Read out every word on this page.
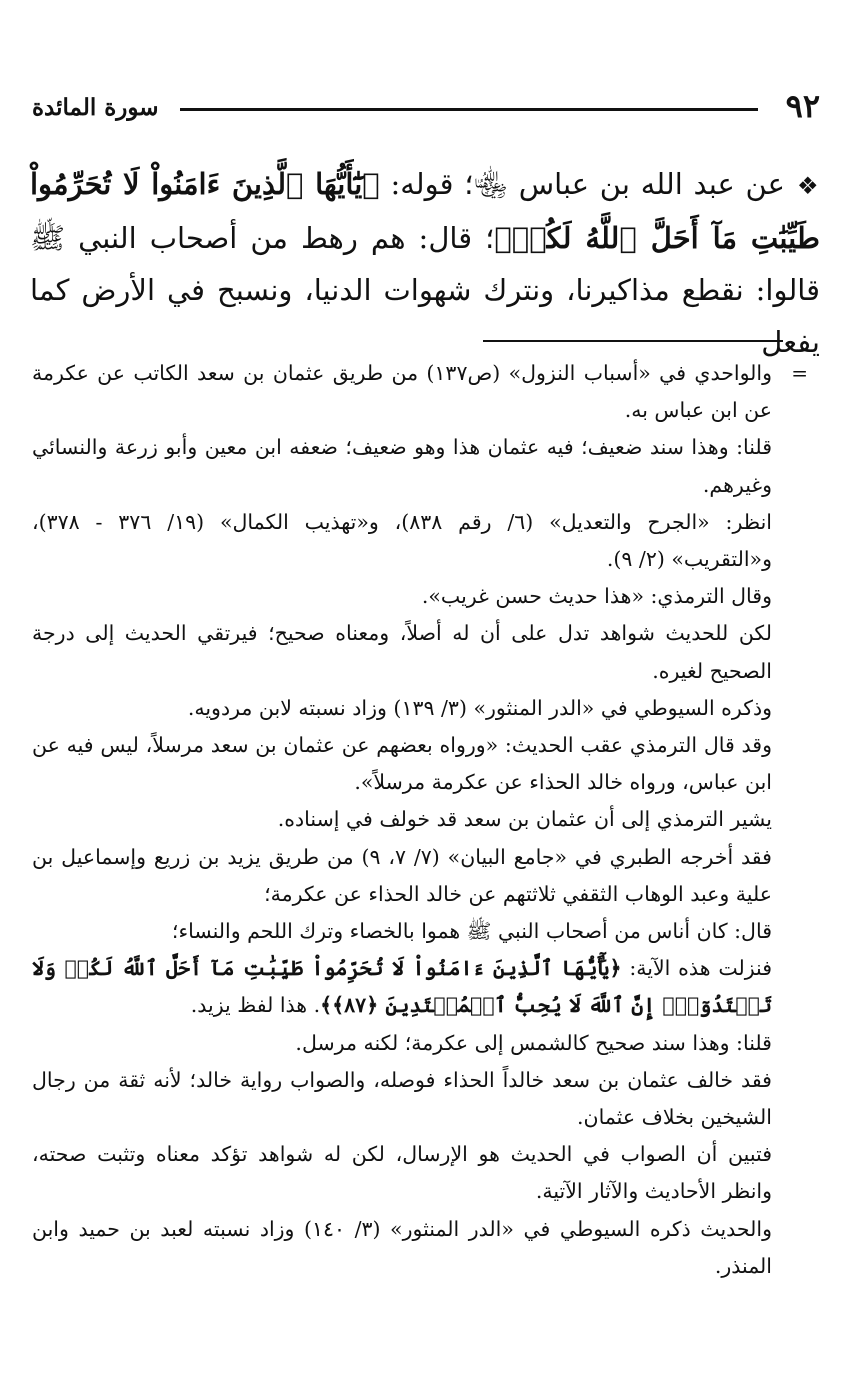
٩٢
سورة المائدة

❖عن عبد الله بن عباس ﵄؛ قوله: ﴿يَٰٓأَيُّهَا ٱلَّذِينَ ءَامَنُواْ لَا تُحَرِّمُواْ طَيِّبَٰتِ مَآ أَحَلَّ ٱللَّهُ لَكُمۡ﴾؛ قال: هم رهط من أصحاب النبي ﷺ قالوا: نقطع مذاكيرنا، ونترك شهوات الدنيا، ونسبح في الأرض كما يفعل

=

والواحدي في «أسباب النزول» (ص١٣٧) من طريق عثمان بن سعد الكاتب عن عكرمة عن ابن عباس به.

قلنا: وهذا سند ضعيف؛ فيه عثمان هذا وهو ضعيف؛ ضعفه ابن معين وأبو زرعة والنسائي وغيرهم.

انظر: «الجرح والتعديل» (٦/ رقم ٨٣٨)، و«تهذيب الكمال» (١٩/ ٣٧٦ - ٣٧٨)، و«التقريب» (٢/ ٩).

وقال الترمذي: «هذا حديث حسن غريب».

لكن للحديث شواهد تدل على أن له أصلاً، ومعناه صحيح؛ فيرتقي الحديث إلى درجة الصحيح لغيره.

وذكره السيوطي في «الدر المنثور» (٣/ ١٣٩) وزاد نسبته لابن مردويه.

وقد قال الترمذي عقب الحديث: «ورواه بعضهم عن عثمان بن سعد مرسلاً، ليس فيه عن ابن عباس، ورواه خالد الحذاء عن عكرمة مرسلاً».

يشير الترمذي إلى أن عثمان بن سعد قد خولف في إسناده.

فقد أخرجه الطبري في «جامع البيان» (٧/ ٧، ٩) من طريق يزيد بن زريع وإسماعيل بن علية وعبد الوهاب الثقفي ثلاثتهم عن خالد الحذاء عن عكرمة؛

قال: كان أناس من أصحاب النبي ﷺ هموا بالخصاء وترك اللحم والنساء؛

فنزلت هذه الآية: ﴿يَٰٓأَيُّهَا ٱلَّذِينَ ءَامَنُواْ لَا تُحَرِّمُواْ طَيِّبَٰتِ مَآ أَحَلَّ ٱللَّهُ لَكُمۡ وَلَا تَعۡتَدُوٓاْۚ إِنَّ ٱللَّهَ لَا يُحِبُّ ٱلۡمُعۡتَدِينَ ﴿٨٧﴾﴾. هذا لفظ يزيد.

قلنا: وهذا سند صحيح كالشمس إلى عكرمة؛ لكنه مرسل.

فقد خالف عثمان بن سعد خالداً الحذاء فوصله، والصواب رواية خالد؛ لأنه ثقة من رجال الشيخين بخلاف عثمان.

فتبين أن الصواب في الحديث هو الإرسال، لكن له شواهد تؤكد معناه وتثبت صحته، وانظر الأحاديث والآثار الآتية.

والحديث ذكره السيوطي في «الدر المنثور» (٣/ ١٤٠) وزاد نسبته لعبد بن حميد وابن المنذر.
